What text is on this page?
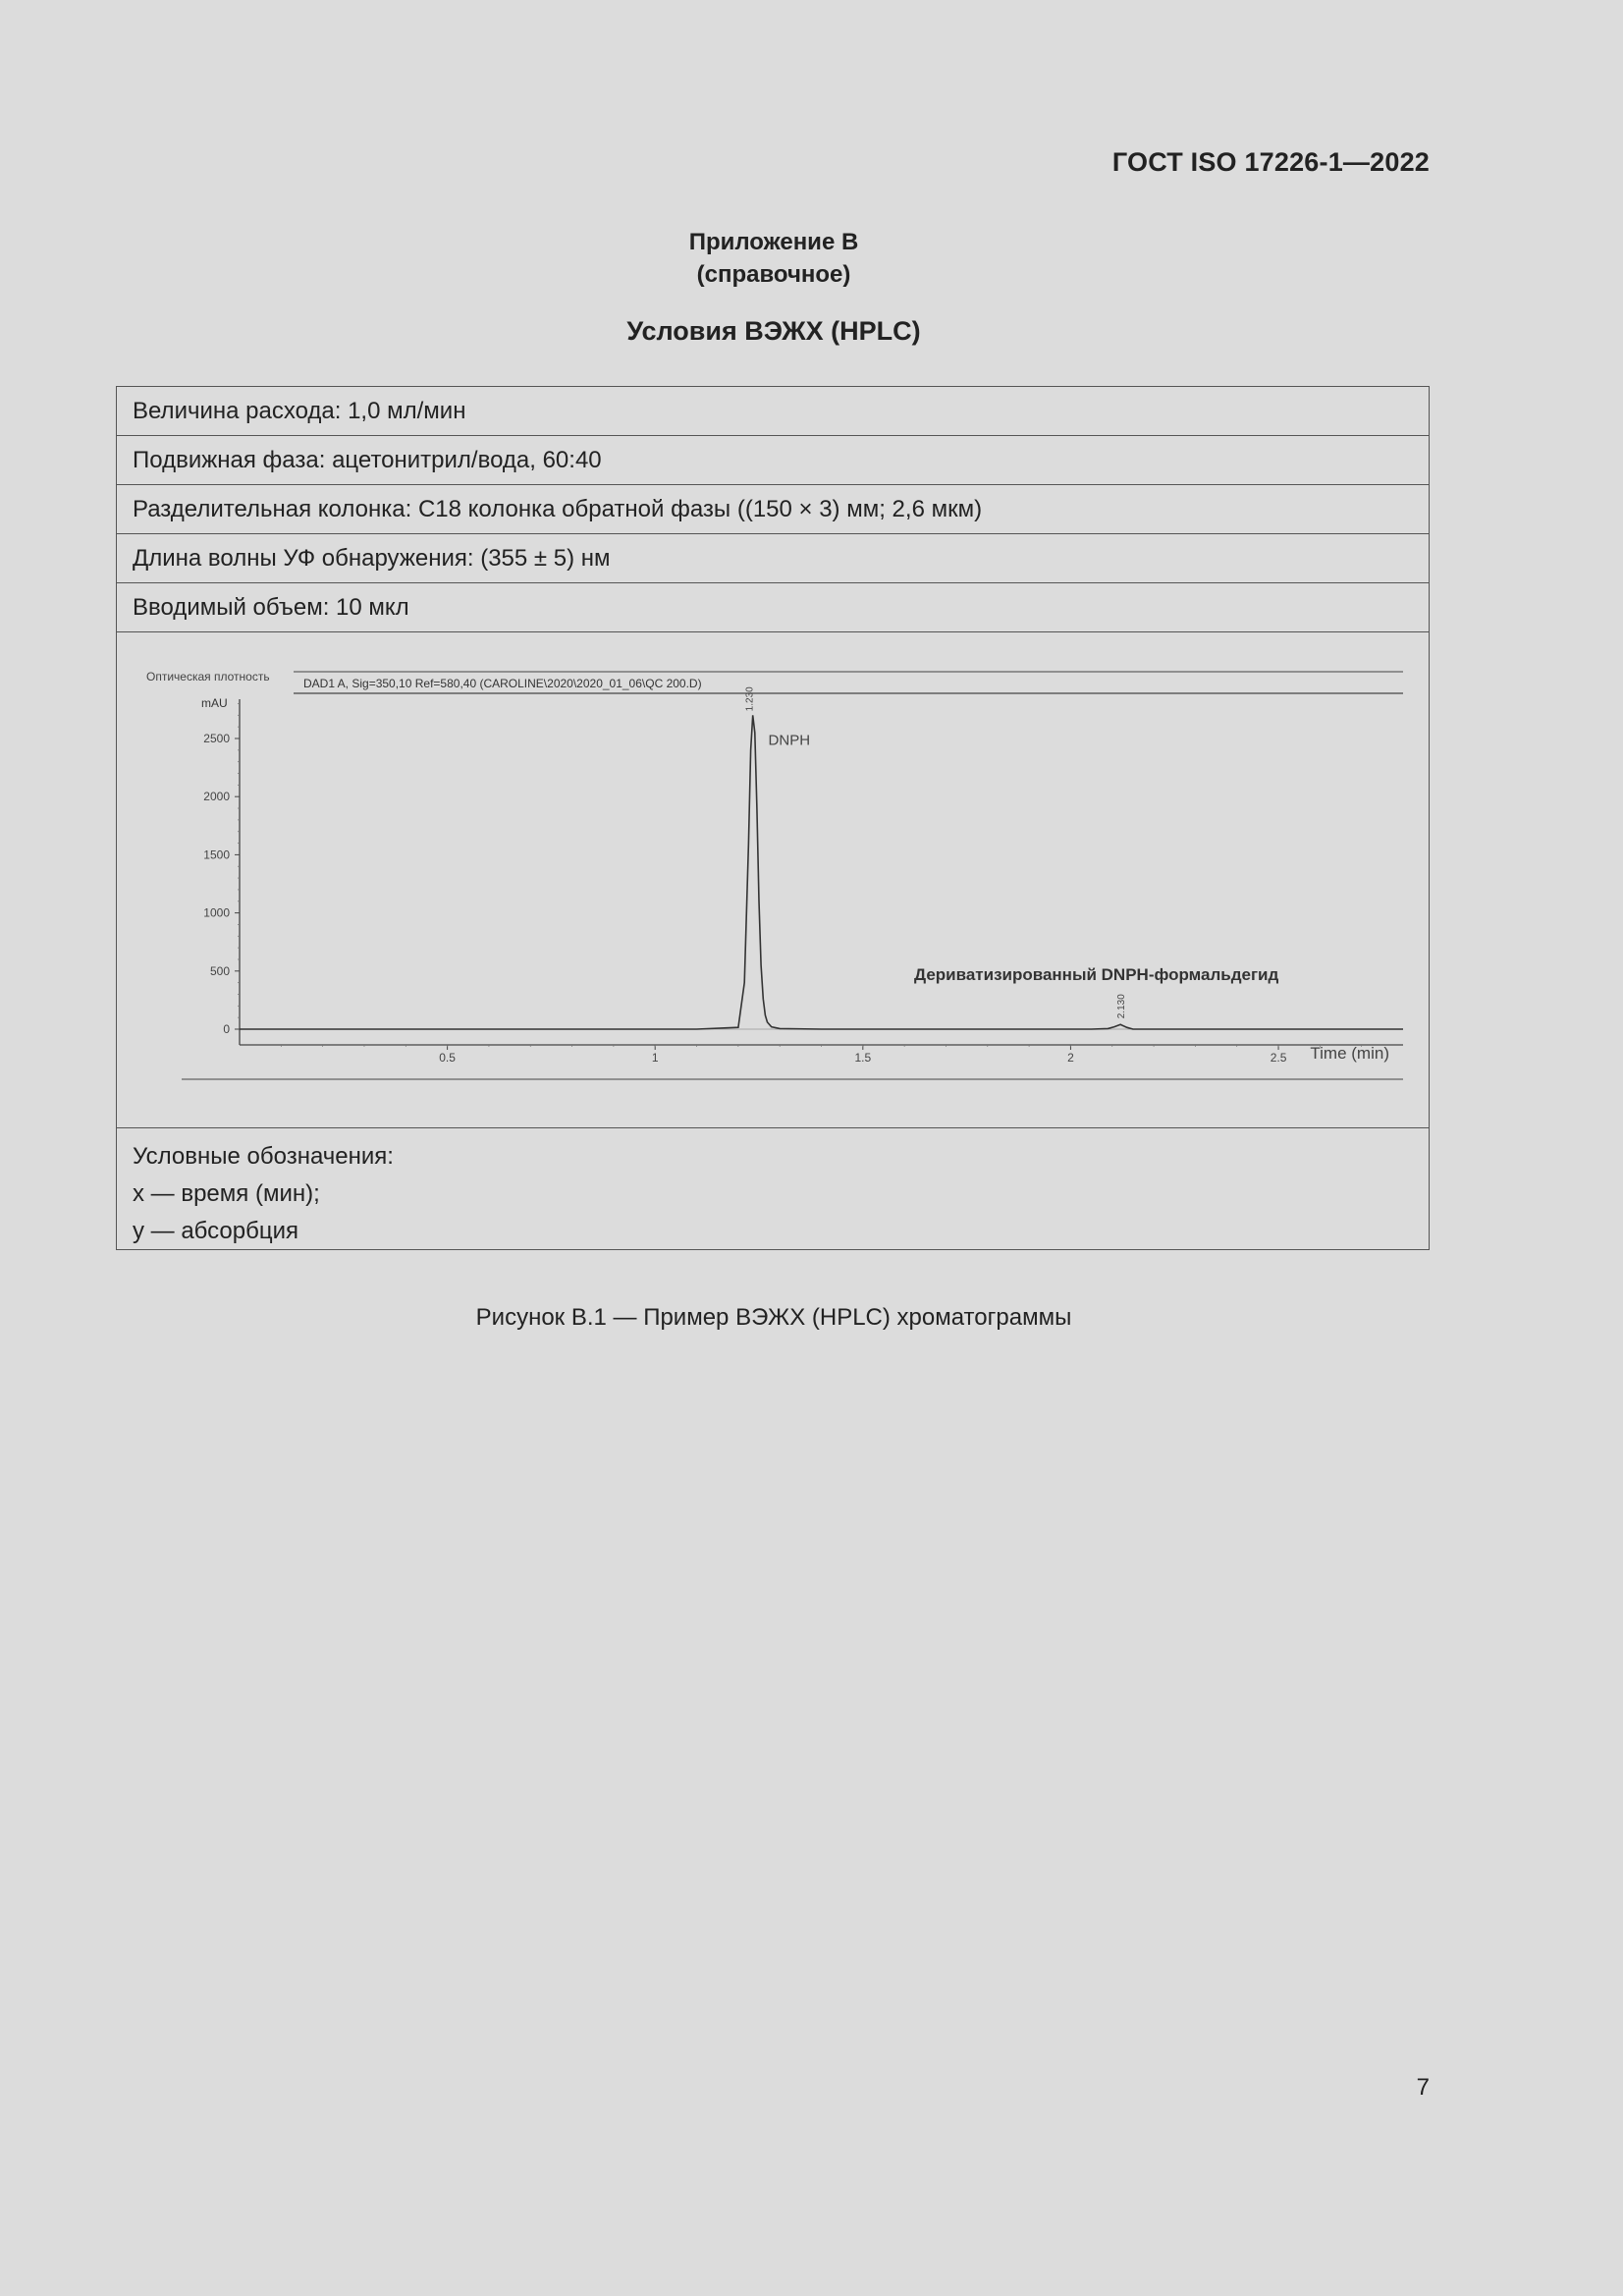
ГОСТ ISO 17226-1—2022
Приложение В
(справочное)
Условия ВЭЖХ (HPLC)
Величина расхода: 1,0 мл/мин
Подвижная фаза: ацетонитрил/вода, 60:40
Разделительная колонка: С18 колонка обратной фазы ((150 × 3) мм; 2,6 мкм)
Длина волны УФ обнаружения: (355 ± 5) нм
Вводимый объем: 10 мкл
Оптическая плотность	DAD1 A, Sig=350,10 Ref=580,40 (CAROLINE\2020\2020_01_06\QC 200.D)
mAU
Time (min)
0
500
1000
1500
2000
2500
0.5	1	1.5	2	2.5
1.230
DNPH
2.130
Дериватизированный DNPH-формальдегид
Условные обозначения:
x — время (мин);
y — абсорбция
Рисунок В.1 — Пример ВЭЖХ (HPLC) хроматограммы
7
